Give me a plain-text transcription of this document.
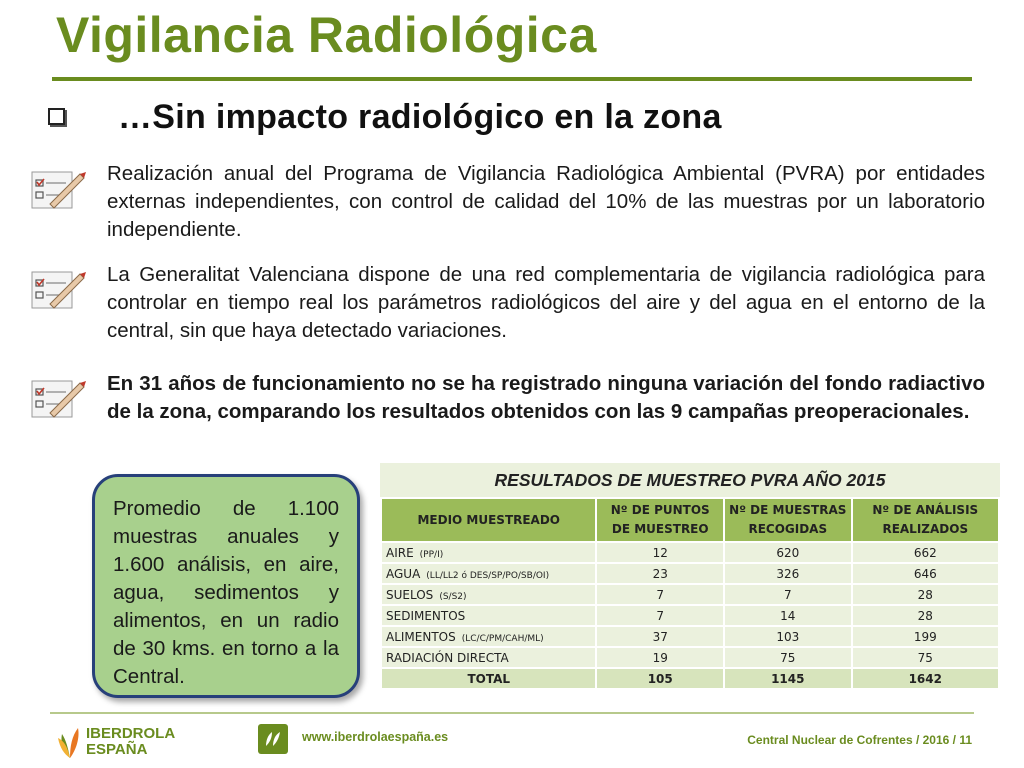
Vigilancia Radiológica
…Sin impacto radiológico en la zona

Realización anual del Programa de Vigilancia Radiológica Ambiental (PVRA) por entidades externas independientes, con control de calidad del 10% de las muestras por un laboratorio independiente.

La Generalitat Valenciana dispone de una red complementaria de vigilancia radiológica para controlar en tiempo real los parámetros radiológicos del aire y del agua en el entorno de la central, sin que haya detectado variaciones.

En 31 años de funcionamiento no se ha registrado ninguna variación del fondo radiactivo de la zona, comparando los resultados obtenidos con las 9 campañas preoperacionales.

Promedio de 1.100 muestras anuales y 1.600 análisis, en aire, agua, sedimentos y alimentos, en un radio de 30 kms. en torno a la Central.

RESULTADOS DE MUESTREO PVRA AÑO 2015
MEDIO MUESTREADO	Nº DE PUNTOS DE MUESTREO	Nº DE MUESTRAS RECOGIDAS	Nº DE ANÁLISIS REALIZADOS
AIRE (PP/I)	12	620	662
AGUA (LL/LL2 ó DES/SP/PO/SB/OI)	23	326	646
SUELOS (S/S2)	7	7	28
SEDIMENTOS	7	14	28
ALIMENTOS (LC/C/PM/CAH/ML)	37	103	199
RADIACIÓN DIRECTA	19	75	75
TOTAL	105	1145	1642
IBERDROLA
ESPAÑA
www.iberdrolaespaña.es	Central Nuclear de Cofrentes / 2016 / 11
